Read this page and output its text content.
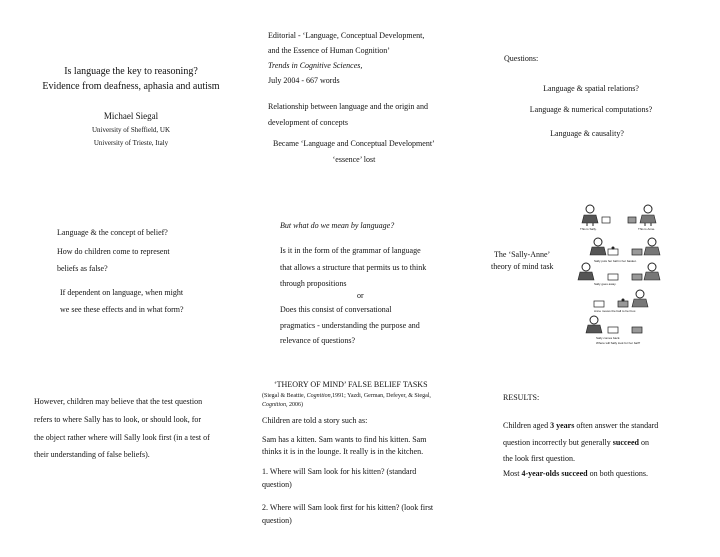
Is language the key to reasoning?
Evidence from deafness, aphasia and autism
Michael Siegal
University of Sheffield, UK
University of Trieste, Italy
Editorial - ‘Language, Conceptual Development,
and the Essence of Human Cognition’
Trends in Cognitive Sciences,
July 2004 - 667 words
Relationship between language and the origin and
development of concepts
Became ‘Language and Conceptual Development’
‘essence’ lost
Questions:
Language & spatial relations?
Language & numerical computations?
Language & causality?
Language & the concept of belief?
How do children come to represent
beliefs as false?
If dependent on language, when might
we see these effects and in what form?
But what do we mean by language?
Is it in the form of the grammar of language
that allows a structure that permits us to think
through propositions
or
Does this consist of conversational
pragmatics - understanding the purpose and
relevance of questions?
The ‘Sally-Anne’
theory of mind task
This is Sally.	This is Anne.
Sally puts her ball in her basket.
Sally goes away.
Anne moves the ball to her box.
Sally comes back.
Where will Sally look for her ball?
However, children may believe that the test question
refers to where Sally has to look, or should look, for
the object rather where will Sally look first (in a test of
their understanding of false beliefs).
‘THEORY OF MIND’ FALSE BELIEF TASKS
(Siegal & Beattie, Cognition,1991; Yazdi, German, Defeyer, & Siegal,
Cognition, 2006)
Children are told a story such as:
Sam has a kitten. Sam wants to find his kitten. Sam
thinks it is in the lounge. It really is in the kitchen.
1. Where will Sam look for his kitten? (standard
question)
2. Where will Sam look first for his kitten? (look first
question)
RESULTS:
Children aged 3 years often answer the standard
question incorrectly but generally succeed on
the look first question.
Most 4-year-olds succeed on both questions.
